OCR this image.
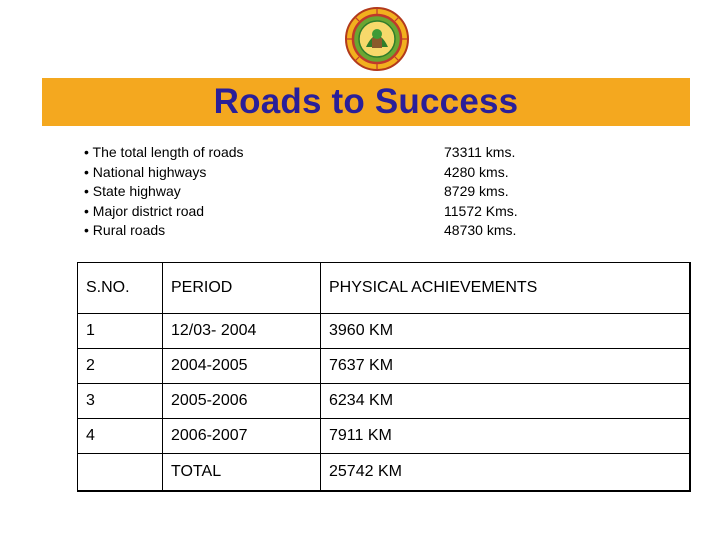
Roads to Success
• The total length of roads	73311 kms.
• National highways	4280 kms.
• State highway	8729 kms.
• Major district road	11572 Kms.
• Rural roads	48730 kms.
S.NO.	PERIOD	PHYSICAL ACHIEVEMENTS
1	12/03- 2004	3960 KM
2	2004-2005	7637 KM
3	2005-2006	6234 KM
4	2006-2007	7911 KM
	TOTAL	25742 KM
